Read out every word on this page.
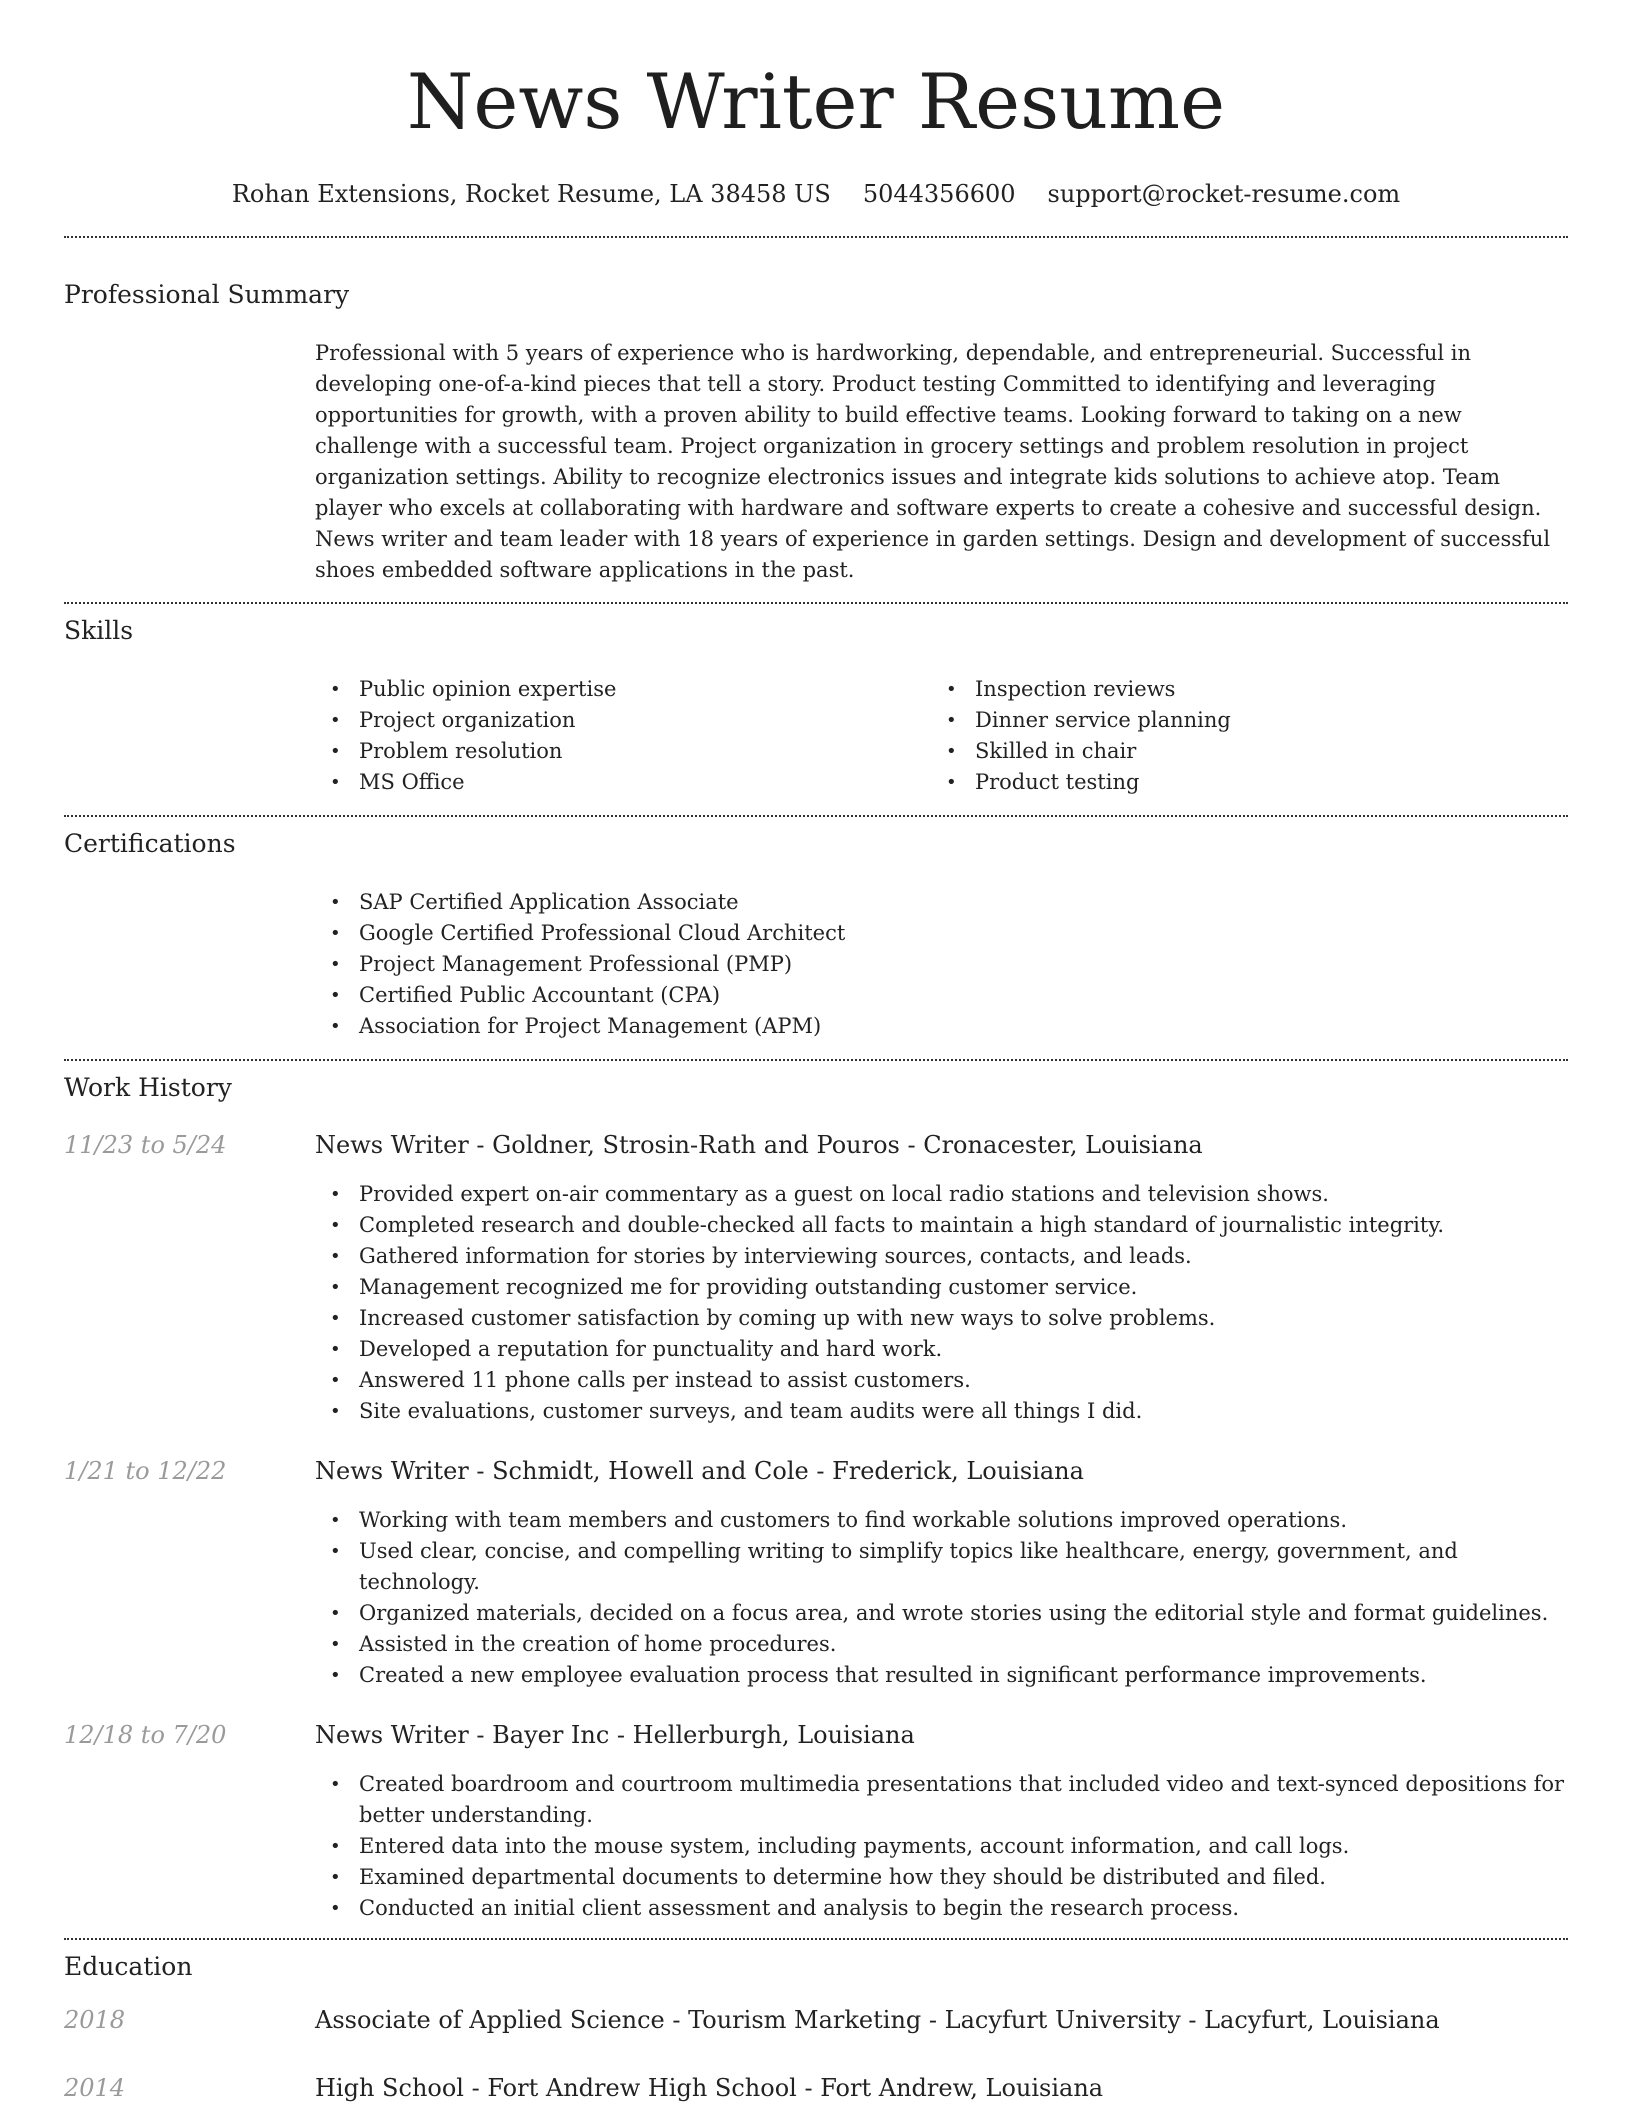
News Writer Resume
Rohan Extensions, Rocket Resume, LA 38458 US 5044356600 support@rocket-resume.com
Professional Summary

Professional with 5 years of experience who is hardworking, dependable, and entrepreneurial. Successful in developing one-of-a-kind pieces that tell a story. Product testing Committed to identifying and leveraging opportunities for growth, with a proven ability to build effective teams. Looking forward to taking on a new challenge with a successful team. Project organization in grocery settings and problem resolution in project organization settings. Ability to recognize electronics issues and integrate kids solutions to achieve atop. Team player who excels at collaborating with hardware and software experts to create a cohesive and successful design. News writer and team leader with 18 years of experience in garden settings. Design and development of successful shoes embedded software applications in the past.

Skills
• Public opinion expertise
• Project organization
• Problem resolution
• MS Office
• Inspection reviews
• Dinner service planning
• Skilled in chair
• Product testing
Certifications
• SAP Certified Application Associate
• Google Certified Professional Cloud Architect
• Project Management Professional (PMP)
• Certified Public Accountant (CPA)
• Association for Project Management (APM)
Work History
11/23 to 5/24	News Writer - Goldner, Strosin-Rath and Pouros - Cronacester, Louisiana
• Provided expert on-air commentary as a guest on local radio stations and television shows.
• Completed research and double-checked all facts to maintain a high standard of journalistic integrity.
• Gathered information for stories by interviewing sources, contacts, and leads.
• Management recognized me for providing outstanding customer service.
• Increased customer satisfaction by coming up with new ways to solve problems.
• Developed a reputation for punctuality and hard work.
• Answered 11 phone calls per instead to assist customers.
• Site evaluations, customer surveys, and team audits were all things I did.
1/21 to 12/22	News Writer - Schmidt, Howell and Cole - Frederick, Louisiana
• Working with team members and customers to find workable solutions improved operations.
• Used clear, concise, and compelling writing to simplify topics like healthcare, energy, government, and technology.
• Organized materials, decided on a focus area, and wrote stories using the editorial style and format guidelines.
• Assisted in the creation of home procedures.
• Created a new employee evaluation process that resulted in significant performance improvements.
12/18 to 7/20	News Writer - Bayer Inc - Hellerburgh, Louisiana
• Created boardroom and courtroom multimedia presentations that included video and text-synced depositions for better understanding.
• Entered data into the mouse system, including payments, account information, and call logs.
• Examined departmental documents to determine how they should be distributed and filed.
• Conducted an initial client assessment and analysis to begin the research process.
Education
2018	Associate of Applied Science - Tourism Marketing - Lacyfurt University - Lacyfurt, Louisiana
2014	High School - Fort Andrew High School - Fort Andrew, Louisiana
